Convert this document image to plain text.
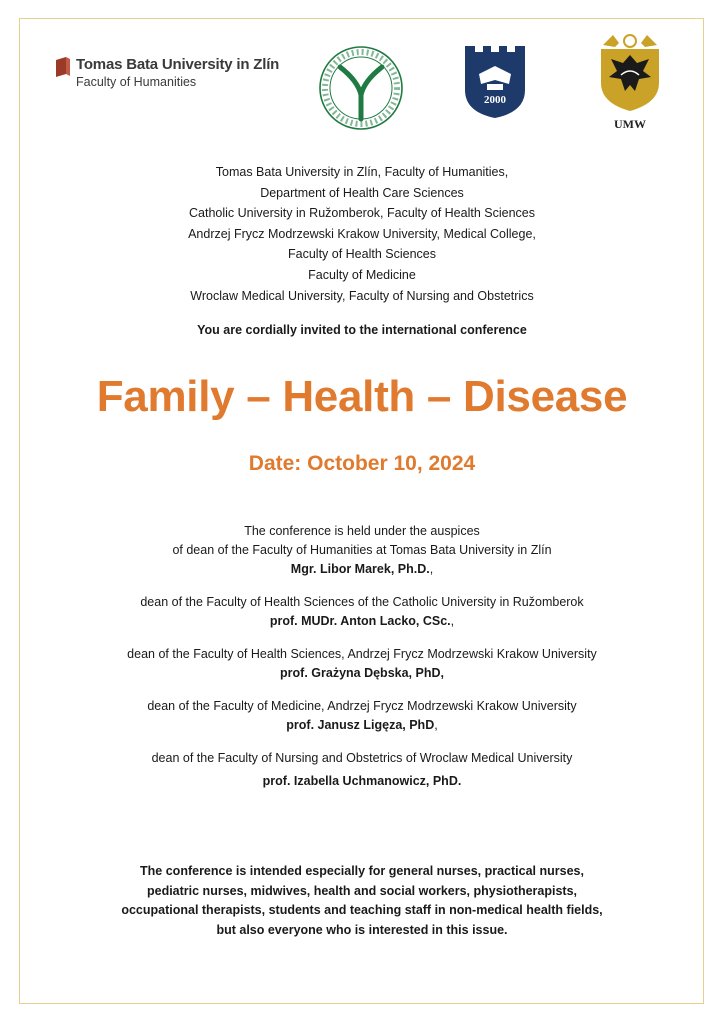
Tomas Bata University in Zlín
Faculty of Humanities
2000
UMW
Tomas Bata University in Zlín, Faculty of Humanities,
Department of Health Care Sciences
Catholic University in Ružomberok, Faculty of Health Sciences
Andrzej Frycz Modrzewski Krakow University, Medical College,
Faculty of Health Sciences
Faculty of Medicine
Wroclaw Medical University, Faculty of Nursing and Obstetrics
You are cordially invited to the international conference
Family – Health – Disease
Date: October 10, 2024
The conference is held under the auspices
of dean of the Faculty of Humanities at Tomas Bata University in Zlín
Mgr. Libor Marek, Ph.D.,
dean of the Faculty of Health Sciences of the Catholic University in Ružomberok
prof. MUDr. Anton Lacko, CSc.,
dean of the Faculty of Health Sciences, Andrzej Frycz Modrzewski Krakow University
prof. Grażyna Dębska, PhD,
dean of the Faculty of Medicine, Andrzej Frycz Modrzewski Krakow University
prof. Janusz Ligęza, PhD,
dean of the Faculty of Nursing and Obstetrics of Wroclaw Medical University
prof. Izabella Uchmanowicz, PhD.
The conference is intended especially for general nurses, practical nurses,
pediatric nurses, midwives, health and social workers, physiotherapists,
occupational therapists, students and teaching staff in non-medical health fields,
but also everyone who is interested in this issue.
